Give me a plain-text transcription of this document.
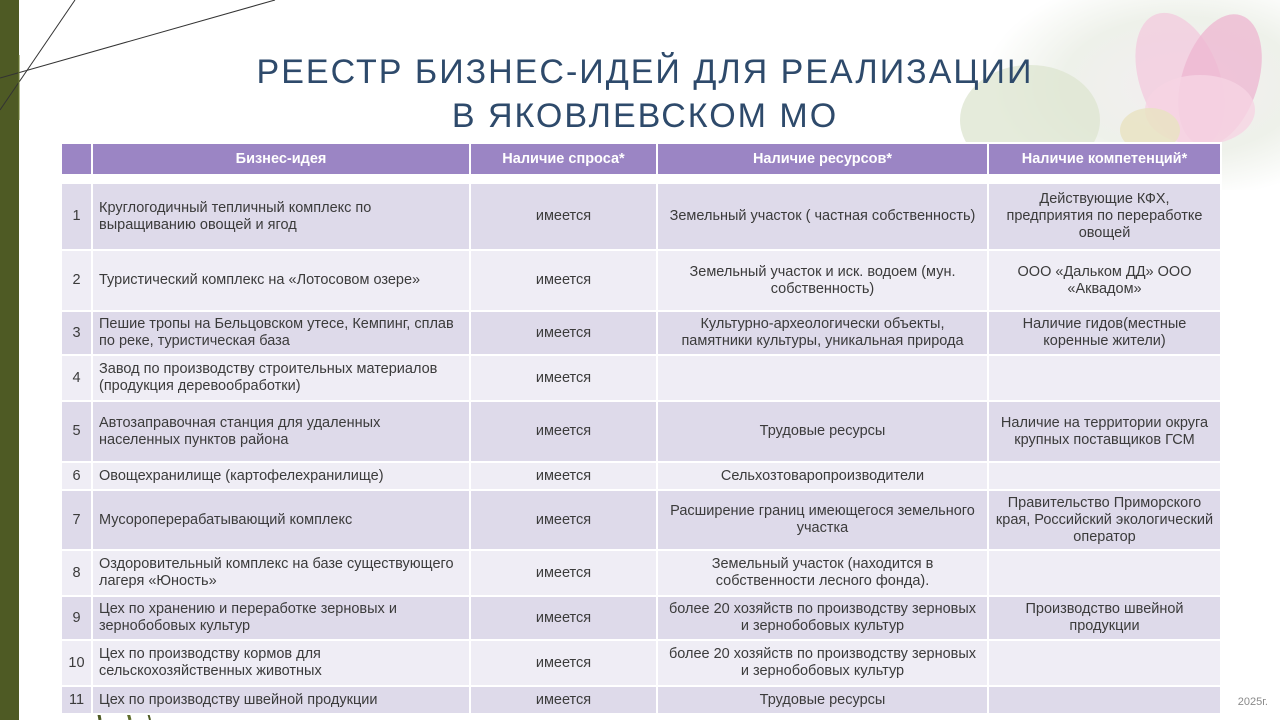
РЕЕСТР БИЗНЕС-ИДЕЙ ДЛЯ РЕАЛИЗАЦИИ
В ЯКОВЛЕВСКОМ МО
	Бизнес-идея	Наличие спроса*	Наличие ресурсов*	Наличие компетенций*

1	Круглогодичный тепличный комплекс по выращиванию овощей и ягод	имеется	Земельный участок ( частная собственность)	Действующие КФХ, предприятия по переработке овощей
2	Туристический комплекс на «Лотосовом озере»	имеется	Земельный участок и иск. водоем (мун. собственность)	ООО «Дальком ДД» ООО «Аквадом»
3	Пешие тропы на Бельцовском утесе, Кемпинг, сплав по реке, туристическая база	имеется	Культурно-археологически объекты, памятники культуры, уникальная природа	Наличие гидов(местные коренные жители)
4	Завод по производству строительных материалов (продукция деревообработки)	имеется		
5	Автозаправочная станция для удаленных населенных пунктов района	имеется	Трудовые ресурсы	Наличие на территории округа крупных поставщиков ГСМ
6	Овощехранилище (картофелехранилище)	имеется	Сельхозтоваропроизводители	
7	Мусороперерабатывающий комплекс	имеется	Расширение границ имеющегося земельного участка	Правительство Приморского края, Российский экологический оператор
8	Оздоровительный комплекс на базе существующего лагеря «Юность»	имеется	Земельный участок (находится в собственности лесного фонда).	
9	Цех по хранению и переработке зерновых и зернобобовых культур	имеется	более 20 хозяйств по производству зерновых и зернобобовых культур	Производство швейной продукции
10	Цех по производству кормов для сельскохозяйственных животных	имеется	более 20 хозяйств по производству зерновых и зернобобовых культур	
11	Цех по производству швейной продукции	имеется	Трудовые ресурсы		2025г.
